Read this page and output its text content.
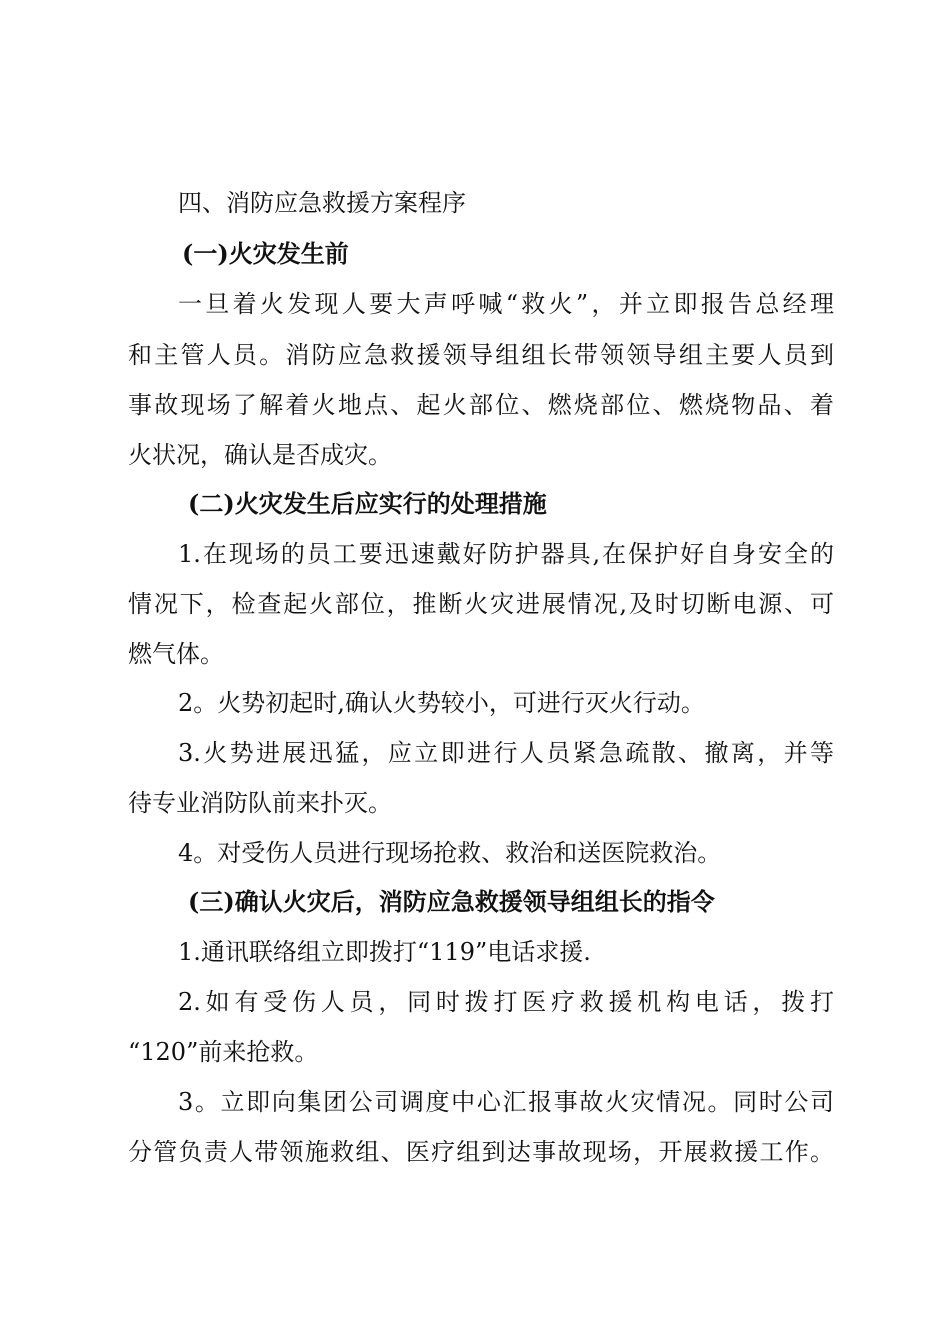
四、消防应急救援方案程序
(一)火灾发生前
一旦着火发现人要大声呼喊“救火”，并立即报告总经理
和主管人员。消防应急救援领导组组长带领领导组主要人员到
事故现场了解着火地点、起火部位、燃烧部位、燃烧物品、着
火状况，确认是否成灾。
(二)火灾发生后应实行的处理措施
1.在现场的员工要迅速戴好防护器具,在保护好自身安全的
情况下，检查起火部位，推断火灾进展情况,及时切断电源、可
燃气体。
2。火势初起时,确认火势较小，可进行灭火行动。
3.火势进展迅猛，应立即进行人员紧急疏散、撤离，并等
待专业消防队前来扑灭。
4。对受伤人员进行现场抢救、救治和送医院救治。
(三)确认火灾后，消防应急救援领导组组长的指令
1.通讯联络组立即拨打“119”电话求援.
2.如有受伤人员，同时拨打医疗救援机构电话，拨打
“120”前来抢救。
3。立即向集团公司调度中心汇报事故火灾情况。同时公司
分管负责人带领施救组、医疗组到达事故现场，开展救援工作。
